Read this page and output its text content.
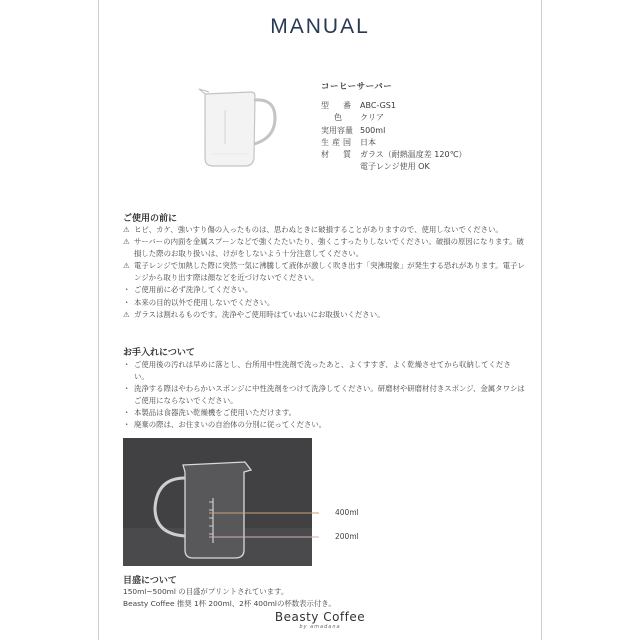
MANUAL
コーヒーサーバー
型　番 ABC-GS1
色	クリア
実用容量 500ml
生産国 日本
材　質 ガラス（耐熱温度差 120℃）
電子レンジ使用 OK
ご使用の前に
⚠ ヒビ、カケ、強いすり傷の入ったものは、思わぬときに破損することがありますので、使用しないでください。
⚠ サーバーの内面を金属スプーンなどで強くたたいたり、強くこすったりしないでください。破損の原因になります。破損した際のお取り扱いは、けがをしないよう十分注意してください。
⚠ 電子レンジで加熱した際に突然一気に沸騰して液体が激しく吹き出す「突沸現象」が発生する恐れがあります。電子レンジから取り出す際は顔などを近づけないでください。
・ ご使用前に必ず洗浄してください。
・ 本来の目的以外で使用しないでください。
⚠ ガラスは割れるものです。洗浄やご使用時はていねいにお取扱いください。
お手入れについて
・ ご使用後の汚れは早めに落とし、台所用中性洗剤で洗ったあと、よくすすぎ、よく乾燥させてから収納してください。
・ 洗浄する際はやわらかいスポンジに中性洗剤をつけて洗浄してください。研磨材や研磨材付きスポンジ、金属タワシはご使用にならないでください。
・ 本製品は食器洗い乾燥機をご使用いただけます。
・ 廃棄の際は、お住まいの自治体の分別に従ってください。
400ml
200ml
目盛について
150ml~500ml の目盛がプリントされています。
Beasty Coffee 推奨 1杯 200ml、2杯 400mlの杯数表示付き。
Beasty Coffee
by amadana
